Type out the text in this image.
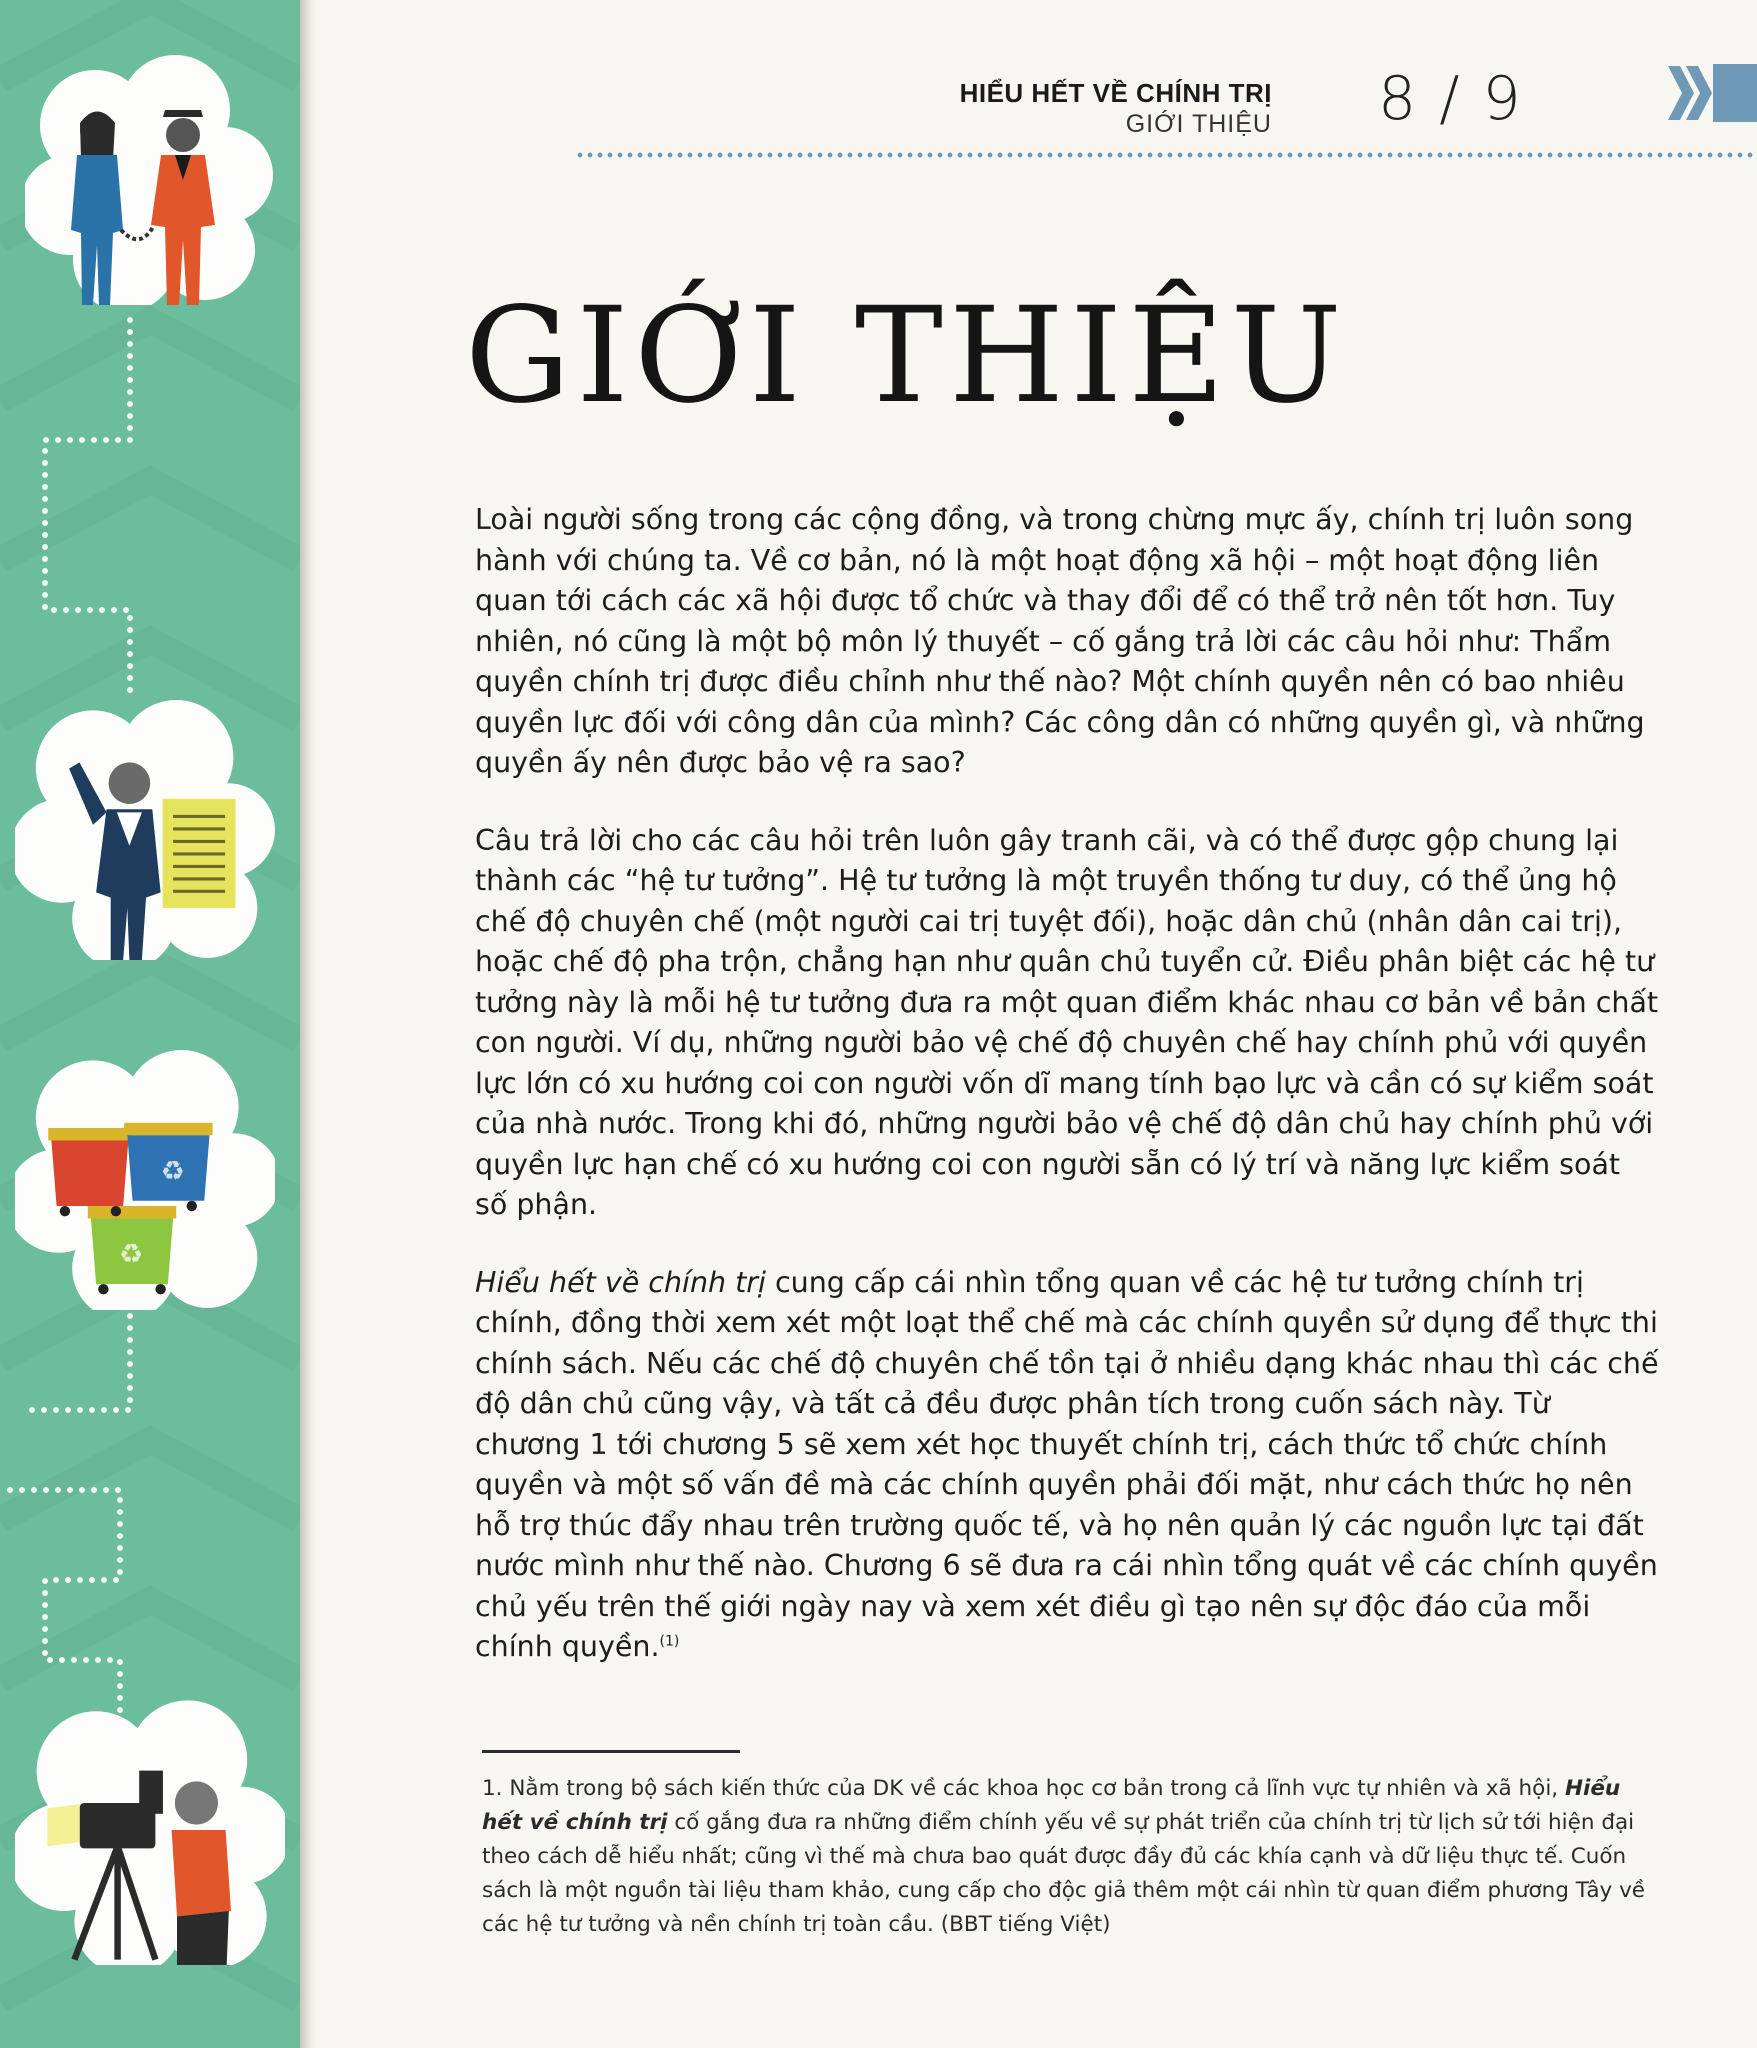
♻
♻
HIỂU HẾT VỀ CHÍNH TRỊ
GIỚI THIỆU 8 / 9
GIỚI THIỆU

Loài người sống trong các cộng đồng, và trong chừng mực ấy, chính trị luôn song hành với chúng ta. Về cơ bản, nó là một hoạt động xã hội – một hoạt động liên quan tới cách các xã hội được tổ chức và thay đổi để có thể trở nên tốt hơn. Tuy nhiên, nó cũng là một bộ môn lý thuyết – cố gắng trả lời các câu hỏi như: Thẩm quyền chính trị được điều chỉnh như thế nào? Một chính quyền nên có bao nhiêu quyền lực đối với công dân của mình? Các công dân có những quyền gì, và những quyền ấy nên được bảo vệ ra sao?

Câu trả lời cho các câu hỏi trên luôn gây tranh cãi, và có thể được gộp chung lại thành các “hệ tư tưởng”. Hệ tư tưởng là một truyền thống tư duy, có thể ủng hộ chế độ chuyên chế (một người cai trị tuyệt đối), hoặc dân chủ (nhân dân cai trị), hoặc chế độ pha trộn, chẳng hạn như quân chủ tuyển cử. Điều phân biệt các hệ tư tưởng này là mỗi hệ tư tưởng đưa ra một quan điểm khác nhau cơ bản về bản chất con người. Ví dụ, những người bảo vệ chế độ chuyên chế hay chính phủ với quyền lực lớn có xu hướng coi con người vốn dĩ mang tính bạo lực và cần có sự kiểm soát của nhà nước. Trong khi đó, những người bảo vệ chế độ dân chủ hay chính phủ với quyền lực hạn chế có xu hướng coi con người sẵn có lý trí và năng lực kiểm soát số phận.

Hiểu hết về chính trị cung cấp cái nhìn tổng quan về các hệ tư tưởng chính trị chính, đồng thời xem xét một loạt thể chế mà các chính quyền sử dụng để thực thi chính sách. Nếu các chế độ chuyên chế tồn tại ở nhiều dạng khác nhau thì các chế độ dân chủ cũng vậy, và tất cả đều được phân tích trong cuốn sách này. Từ chương 1 tới chương 5 sẽ xem xét học thuyết chính trị, cách thức tổ chức chính quyền và một số vấn đề mà các chính quyền phải đối mặt, như cách thức họ nên hỗ trợ thúc đẩy nhau trên trường quốc tế, và họ nên quản lý các nguồn lực tại đất nước mình như thế nào. Chương 6 sẽ đưa ra cái nhìn tổng quát về các chính quyền chủ yếu trên thế giới ngày nay và xem xét điều gì tạo nên sự độc đáo của mỗi chính quyền.$^{(1)}$

1. Nằm trong bộ sách kiến thức của DK về các khoa học cơ bản trong cả lĩnh vực tự nhiên và xã hội, Hiểu hết về chính trị cố gắng đưa ra những điểm chính yếu về sự phát triển của chính trị từ lịch sử tới hiện đại theo cách dễ hiểu nhất; cũng vì thế mà chưa bao quát được đầy đủ các khía cạnh và dữ liệu thực tế. Cuốn sách là một nguồn tài liệu tham khảo, cung cấp cho độc giả thêm một cái nhìn từ quan điểm phương Tây về các hệ tư tưởng và nền chính trị toàn cầu. (BBT tiếng Việt)
